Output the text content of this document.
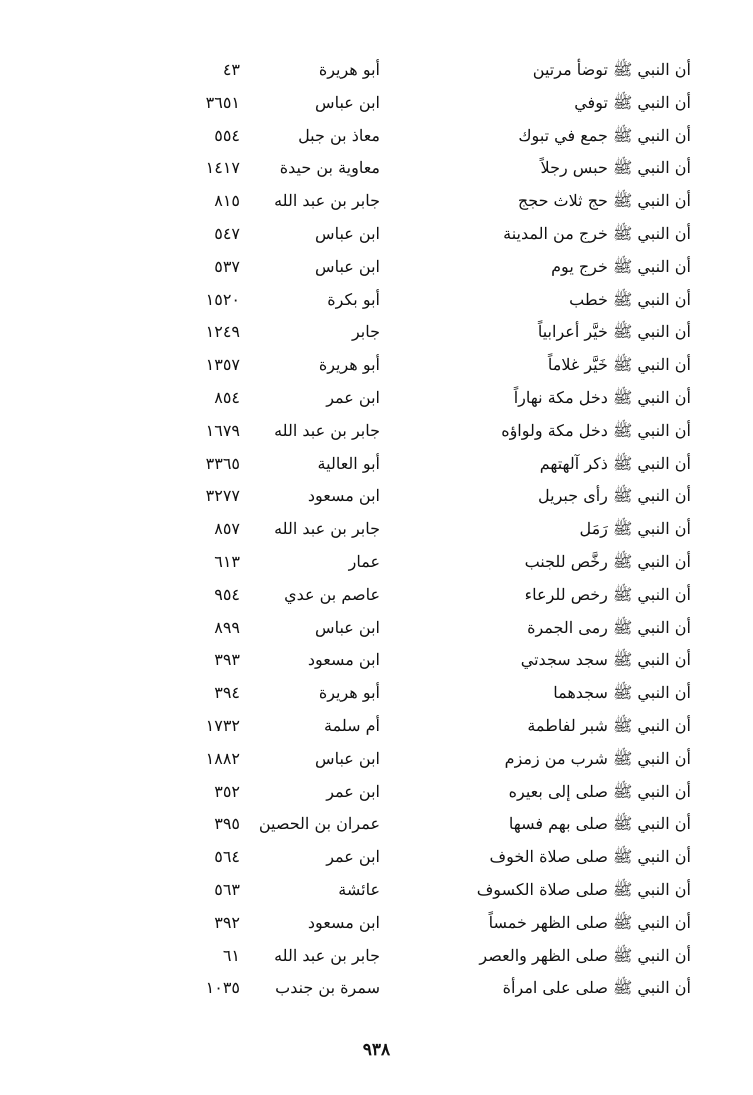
أن النبي ﷺ توضأ مرتين
أبو هريرة
٤٣
أن النبي ﷺ توفي
ابن عباس
٣٦٥١
أن النبي ﷺ جمع في تبوك
معاذ بن جبل
٥٥٤
أن النبي ﷺ حبس رجلاً
معاوية بن حيدة
١٤١٧
أن النبي ﷺ حج ثلاث حجج
جابر بن عبد الله
٨١٥
أن النبي ﷺ خرج من المدينة
ابن عباس
٥٤٧
أن النبي ﷺ خرج يوم
ابن عباس
٥٣٧
أن النبي ﷺ خطب
أبو بكرة
١٥٢٠
أن النبي ﷺ خيَّر أعرابياً
جابر
١٢٤٩
أن النبي ﷺ خَيَّر غلاماً
أبو هريرة
١٣٥٧
أن النبي ﷺ دخل مكة نهاراً
ابن عمر
٨٥٤
أن النبي ﷺ دخل مكة ولواؤه
جابر بن عبد الله
١٦٧٩
أن النبي ﷺ ذكر آلهتهم
أبو العالية
٣٣٦٥
أن النبي ﷺ رأى جبريل
ابن مسعود
٣٢٧٧
أن النبي ﷺ رَمَل
جابر بن عبد الله
٨٥٧
أن النبي ﷺ رخَّص للجنب
عمار
٦١٣
أن النبي ﷺ رخص للرعاء
عاصم بن عدي
٩٥٤
أن النبي ﷺ رمى الجمرة
ابن عباس
٨٩٩
أن النبي ﷺ سجد سجدتي
ابن مسعود
٣٩٣
أن النبي ﷺ سجدهما
أبو هريرة
٣٩٤
أن النبي ﷺ شبر لفاطمة
أم سلمة
١٧٣٢
أن النبي ﷺ شرب من زمزم
ابن عباس
١٨٨٢
أن النبي ﷺ صلى إلى بعيره
ابن عمر
٣٥٢
أن النبي ﷺ صلى بهم فسها
عمران بن الحصين
٣٩٥
أن النبي ﷺ صلى صلاة الخوف
ابن عمر
٥٦٤
أن النبي ﷺ صلى صلاة الكسوف
عائشة
٥٦٣
أن النبي ﷺ صلى الظهر خمساً
ابن مسعود
٣٩٢
أن النبي ﷺ صلى الظهر والعصر
جابر بن عبد الله
٦١
أن النبي ﷺ صلى على امرأة
سمرة بن جندب
١٠٣٥
٩٣٨
